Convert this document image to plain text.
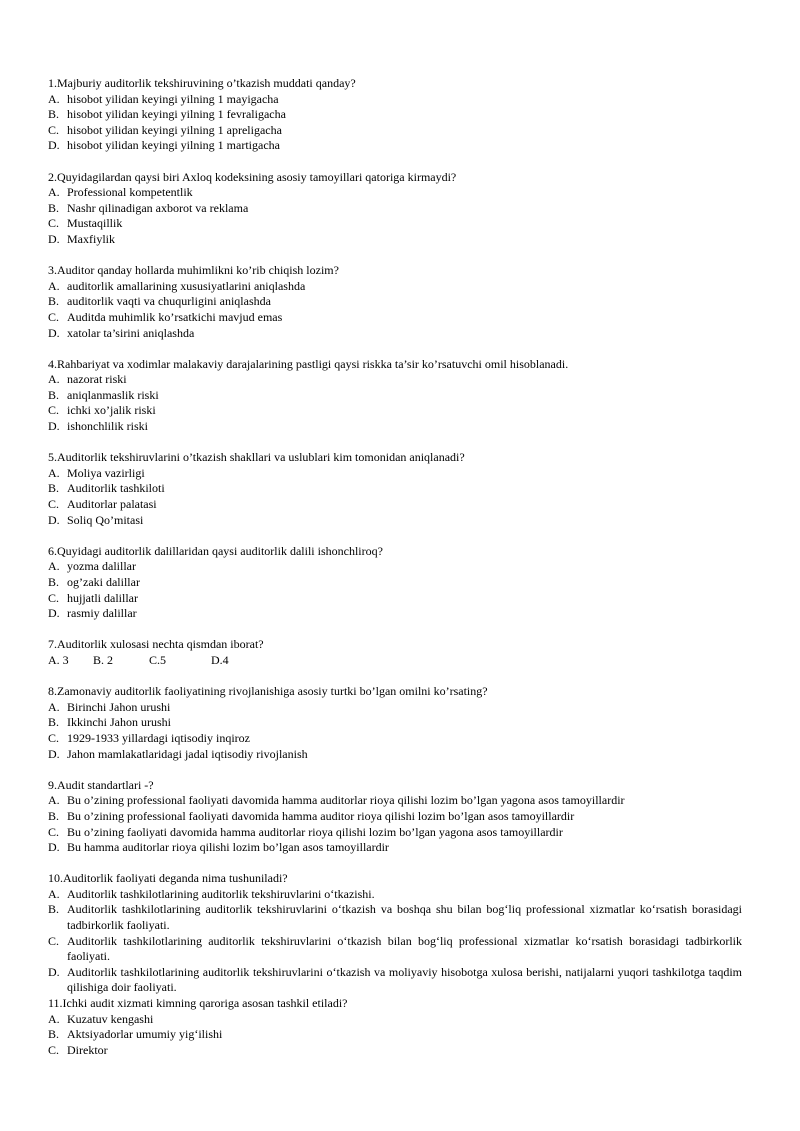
1.Majburiy auditorlik tekshiruvining o’tkazish muddati qanday?
A. hisobot yilidan keyingi yilning 1 mayigacha
B. hisobot yilidan keyingi yilning 1 fevraligacha
C. hisobot yilidan keyingi yilning 1 apreligacha
D. hisobot yilidan keyingi yilning 1 martigacha
2.Quyidagilardan qaysi biri Axloq kodeksining asosiy tamoyillari qatoriga kirmaydi?
A. Professional kompetentlik
B. Nashr qilinadigan axborot va reklama
C. Mustaqillik
D. Maxfiylik
3.Auditor qanday hollarda muhimlikni ko’rib chiqish lozim?
A. auditorlik amallarining xususiyatlarini aniqlashda
B. auditorlik vaqti va chuqurligini aniqlashda
C. Auditda muhimlik ko’rsatkichi mavjud emas
D. xatolar ta’sirini aniqlashda
4.Rahbariyat va xodimlar malakaviy darajalarining pastligi qaysi riskka ta’sir ko’rsatuvchi omil hisoblanadi.
A. nazorat riski
B. aniqlanmaslik riski
C. ichki xo’jalik riski
D. ishonchlilik riski
5.Auditorlik tekshiruvlarini o’tkazish shakllari va uslublari kim tomonidan aniqlanadi?
A. Moliya vazirligi
B. Auditorlik tashkiloti
C. Auditorlar palatasi
D. Soliq Qo’mitasi
6.Quyidagi auditorlik dalillaridan qaysi auditorlik dalili ishonchliroq?
A. yozma dalillar
B. og’zaki dalillar
C. hujjatli dalillar
D. rasmiy dalillar
7.Auditorlik xulosasi nechta qismdan iborat?
A. 3 B. 2	C.5	D.4
8.Zamonaviy auditorlik faoliyatining rivojlanishiga asosiy turtki bo’lgan omilni ko’rsating?
A. Birinchi Jahon urushi
B. Ikkinchi Jahon urushi
C. 1929-1933 yillardagi iqtisodiy inqiroz
D. Jahon mamlakatlaridagi jadal iqtisodiy rivojlanish
9.Audit standartlari -?
A. Bu o’zining professional faoliyati davomida hamma auditorlar rioya qilishi lozim bo’lgan yagona asos tamoyillardir
B. Bu o’zining professional faoliyati davomida hamma auditor rioya qilishi lozim bo’lgan asos tamoyillardir
C. Bu o’zining faoliyati davomida hamma auditorlar rioya qilishi lozim bo’lgan yagona asos tamoyillardir
D. Bu hamma auditorlar rioya qilishi lozim bo’lgan asos tamoyillardir
10.Auditorlik faoliyati deganda nima tushuniladi?
A. Auditorlik tashkilotlarining auditorlik tekshiruvlarini o‘tkazishi.
B. Auditorlik tashkilotlarining auditorlik tekshiruvlarini o‘tkazish va boshqa shu bilan bog‘liq professional xizmatlar ko‘rsatish borasidagi tadbirkorlik faoliyati.
C. Auditorlik tashkilotlarining auditorlik tekshiruvlarini o‘tkazish bilan bog‘liq professional xizmatlar ko‘rsatish borasidagi tadbirkorlik faoliyati.
D. Auditorlik tashkilotlarining auditorlik tekshiruvlarini o‘tkazish va moliyaviy hisobotga xulosa berishi, natijalarni yuqori tashkilotga taqdim qilishiga doir faoliyati.
11.Ichki audit xizmati kimning qaroriga asosan tashkil etiladi?
A. Kuzatuv kengashi
B. Aktsiyadorlar umumiy yig‘ilishi
C. Direktor
